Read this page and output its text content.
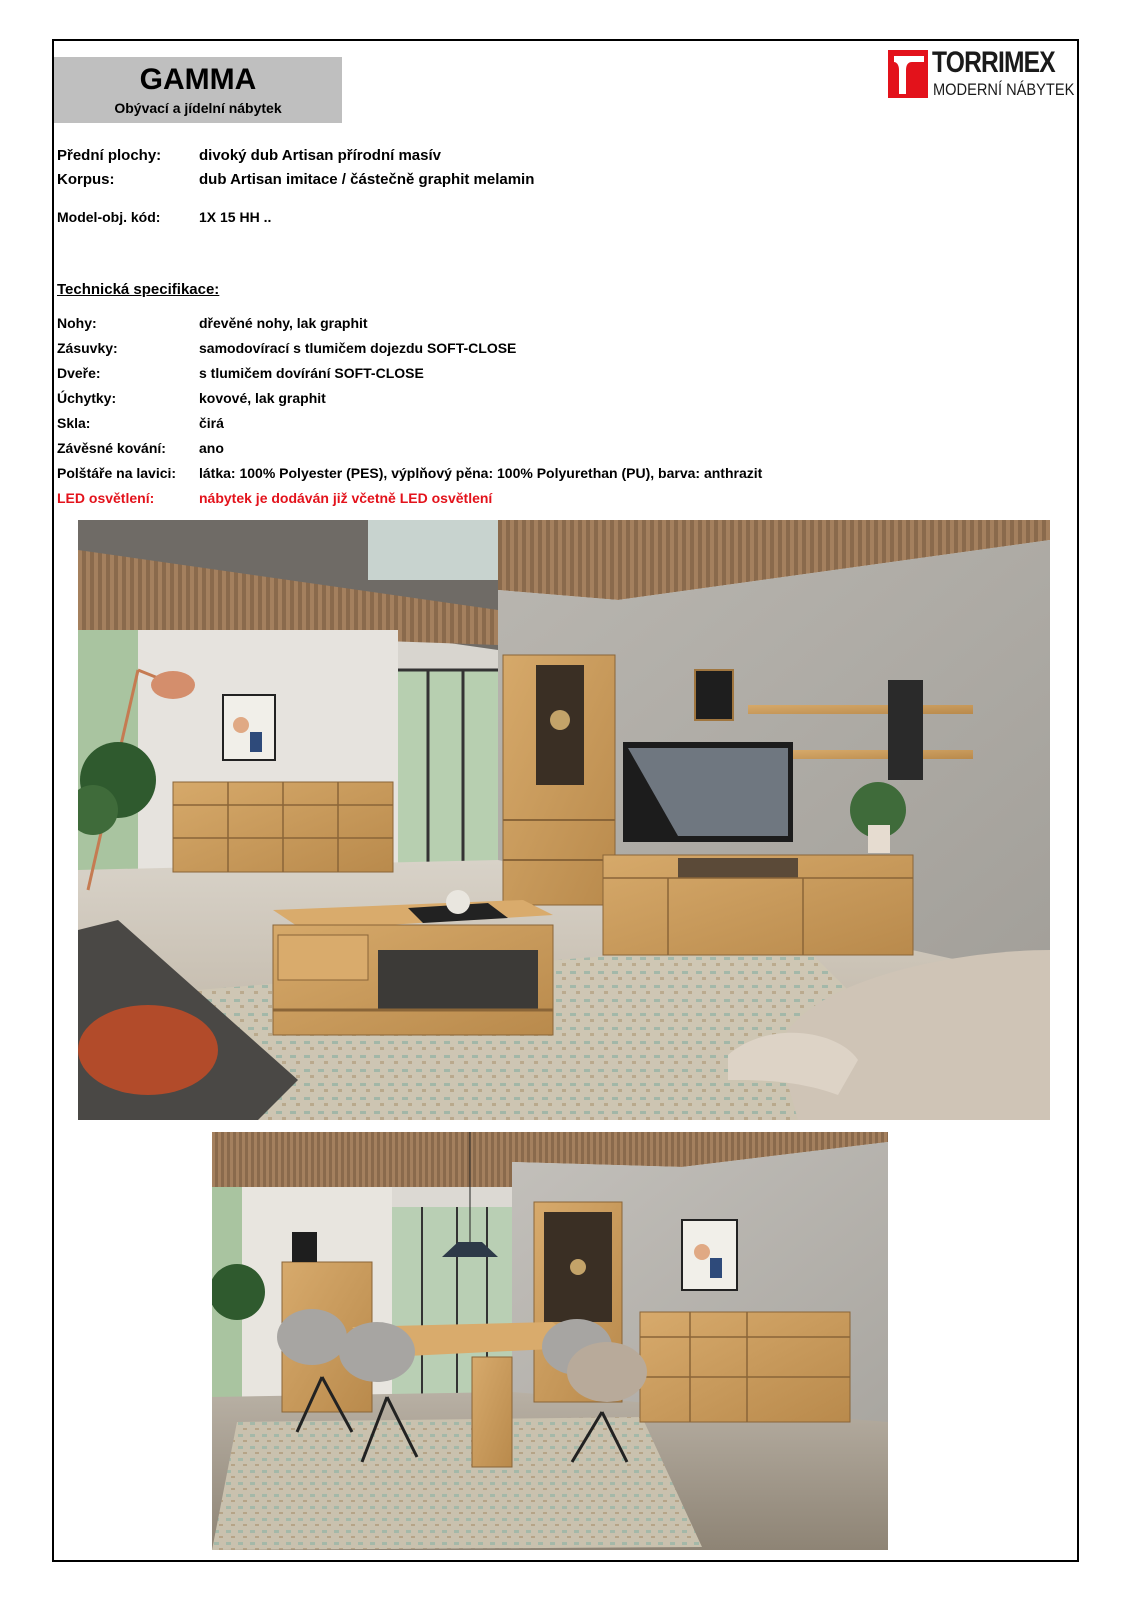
GAMMA
Obývací a jídelní nábytek
TORRIMEX
MODERNÍ NÁBYTEK
Přední plochy:	divoký dub Artisan přírodní masív
Korpus:	dub Artisan imitace / částečně graphit melamin
Model-obj. kód:	1X 15 HH ..
Technická specifikace:
Nohy:	dřevěné nohy, lak graphit
Zásuvky:	samodovírací s tlumičem dojezdu SOFT-CLOSE
Dveře:	s tlumičem dovírání SOFT-CLOSE
Úchytky:	kovové, lak graphit
Skla:	čirá
Závěsné kování: ano
Polštáře na lavici: látka: 100% Polyester (PES), výplňový pěna: 100% Polyurethan (PU), barva: anthrazit
LED osvětlení:	nábytek je dodáván již včetně LED osvětlení
